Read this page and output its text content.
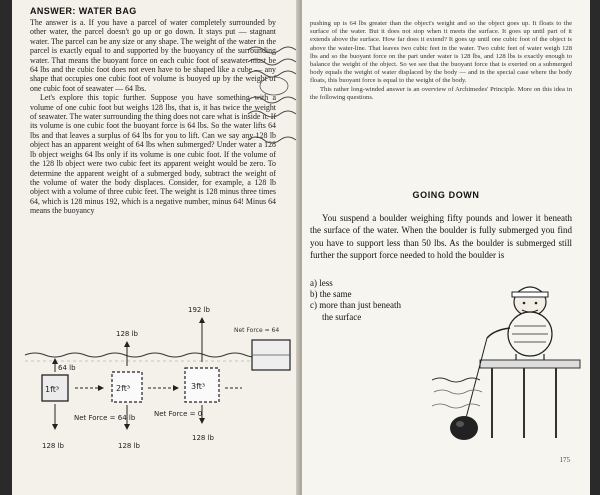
ANSWER: WATER BAG

The answer is a. If you have a parcel of water completely surrounded by other water, the parcel doesn't go up or go down. It stays put — stagnant water. The parcel can be any size or any shape. The weight of the water in the parcel is exactly equal to and supported by the buoyancy of the surrounding water. That means the buoyant force on each cubic foot of seawater must be 64 lbs and the cubic foot does not even have to be shaped like a cube — any shape that occupies one cubic foot of volume is buoyed up by the weight of one cubic foot of seawater — 64 lbs.

Let's explore this topic further. Suppose you have something with a volume of one cubic foot but weighs 128 lbs, that is, it has twice the weight of seawater. The water surrounding the thing does not care what is inside it. If its volume is one cubic foot the buoyant force is 64 lbs. So the water lifts 64 lbs and that leaves a surplus of 64 lbs for you to lift. Can we say any 128 lb object has an apparent weight of 64 lbs when submerged? Under water a 128 lb object weighs 64 lbs only if its volume is one cubic foot. If the volume of the 128 lb object were two cubic feet its apparent weight would be zero. To determine the apparent weight of a submerged body, subtract the weight of the volume of water the body displaces. Consider, for example, a 128 lb object with a volume of three cubic feet. The weight is 128 minus three times 64, which is 128 minus 192, which is a negative number, minus 64! Minus 64 means the buoyancy

1ft³
64 lb
128 lb
2ft³
128 lb
128 lb
3ft³
192 lb
128 lb
Net Force = 64
Net Force = 64 lb	Net Force = 0

pushing up is 64 lbs greater than the object's weight and so the object goes up. It floats to the surface of the water. But it does not stop when it meets the surface. It goes up until part of it extends above the surface. How far does it extend? It goes up until one cubic foot of the object is above the water-line. That leaves two cubic feet in the water. Two cubic feet of water weigh 128 lbs and so the buoyant force on the part under water is 128 lbs, and 128 lbs is exactly enough to balance the weight of the object. So we see that the buoyant force that is exerted on a submerged body equals the weight of water displaced by the body — and in the special case where the body floats, this buoyant force is equal to the weight of the body.

This rather long-winded answer is an overview of Archimedes' Principle. More on this idea in the following questions.

GOING DOWN
You suspend a boulder weighing fifty pounds and lower it beneath the surface of the water. When the boulder is fully submerged you find you have to support less than 50 lbs. As the boulder is submerged still further the support force needed to hold the boulder is
a) less
b) the same
c) more than just beneath
the surface
175
